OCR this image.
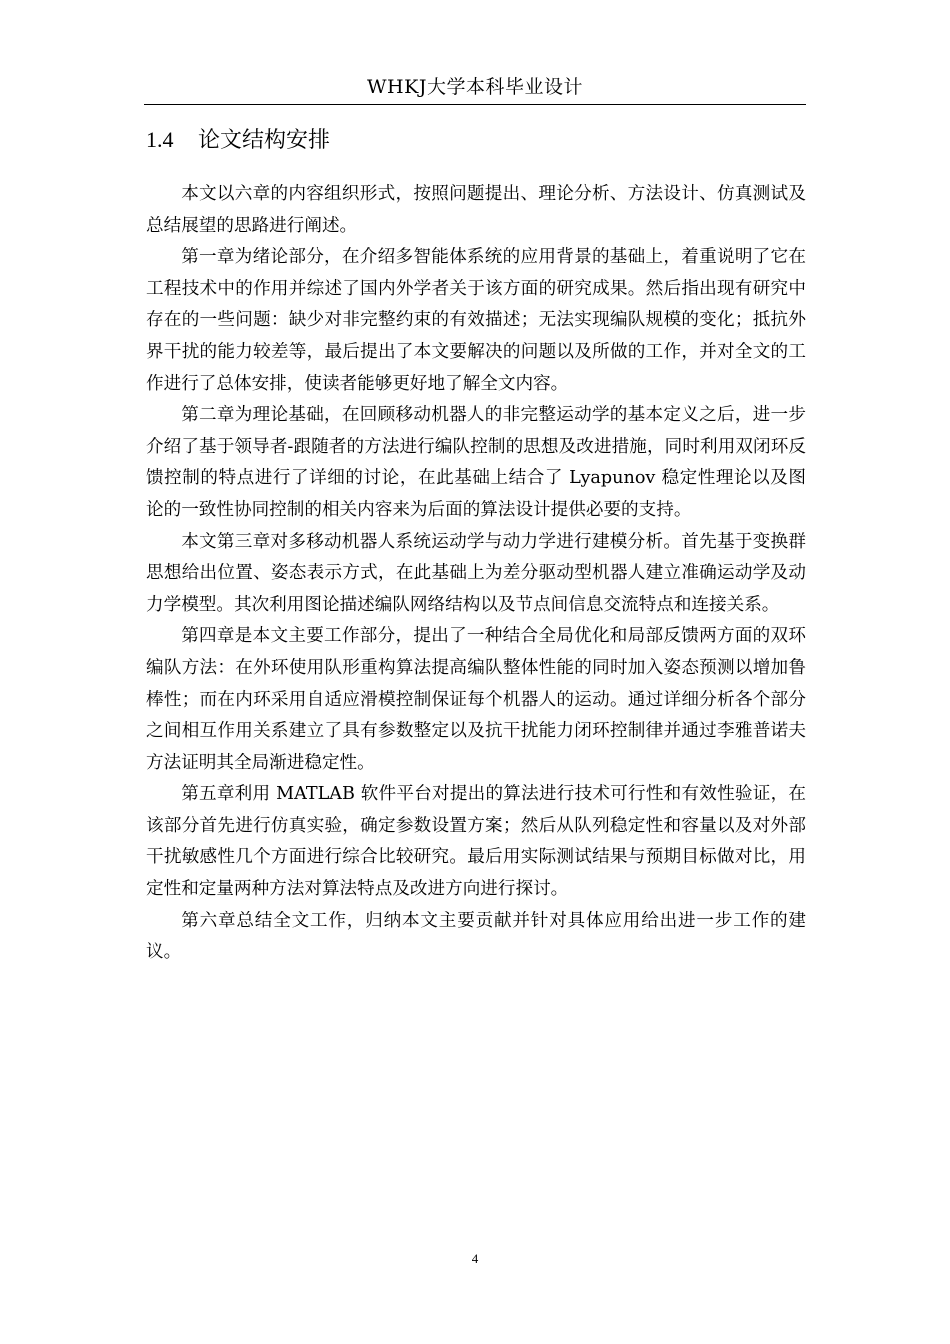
WHKJ大学本科毕业设计
1.4 论文结构安排

本文以六章的内容组织形式，按照问题提出、理论分析、方法设计、仿真测试及总结展望的思路进行阐述。

第一章为绪论部分，在介绍多智能体系统的应用背景的基础上，着重说明了它在工程技术中的作用并综述了国内外学者关于该方面的研究成果。然后指出现有研究中存在的一些问题：缺少对非完整约束的有效描述；无法实现编队规模的变化；抵抗外界干扰的能力较差等，最后提出了本文要解决的问题以及所做的工作，并对全文的工作进行了总体安排，使读者能够更好地了解全文内容。

第二章为理论基础，在回顾移动机器人的非完整运动学的基本定义之后，进一步介绍了基于领导者-跟随者的方法进行编队控制的思想及改进措施，同时利用双闭环反馈控制的特点进行了详细的讨论，在此基础上结合了 Lyapunov 稳定性理论以及图论的一致性协同控制的相关内容来为后面的算法设计提供必要的支持。

本文第三章对多移动机器人系统运动学与动力学进行建模分析。首先基于变换群思想给出位置、姿态表示方式，在此基础上为差分驱动型机器人建立准确运动学及动力学模型。其次利用图论描述编队网络结构以及节点间信息交流特点和连接关系。

第四章是本文主要工作部分，提出了一种结合全局优化和局部反馈两方面的双环编队方法：在外环使用队形重构算法提高编队整体性能的同时加入姿态预测以增加鲁棒性；而在内环采用自适应滑模控制保证每个机器人的运动。通过详细分析各个部分之间相互作用关系建立了具有参数整定以及抗干扰能力闭环控制律并通过李雅普诺夫方法证明其全局渐进稳定性。

第五章利用 MATLAB 软件平台对提出的算法进行技术可行性和有效性验证，在该部分首先进行仿真实验，确定参数设置方案；然后从队列稳定性和容量以及对外部干扰敏感性几个方面进行综合比较研究。最后用实际测试结果与预期目标做对比，用定性和定量两种方法对算法特点及改进方向进行探讨。

第六章总结全文工作，归纳本文主要贡献并针对具体应用给出进一步工作的建议。

4
